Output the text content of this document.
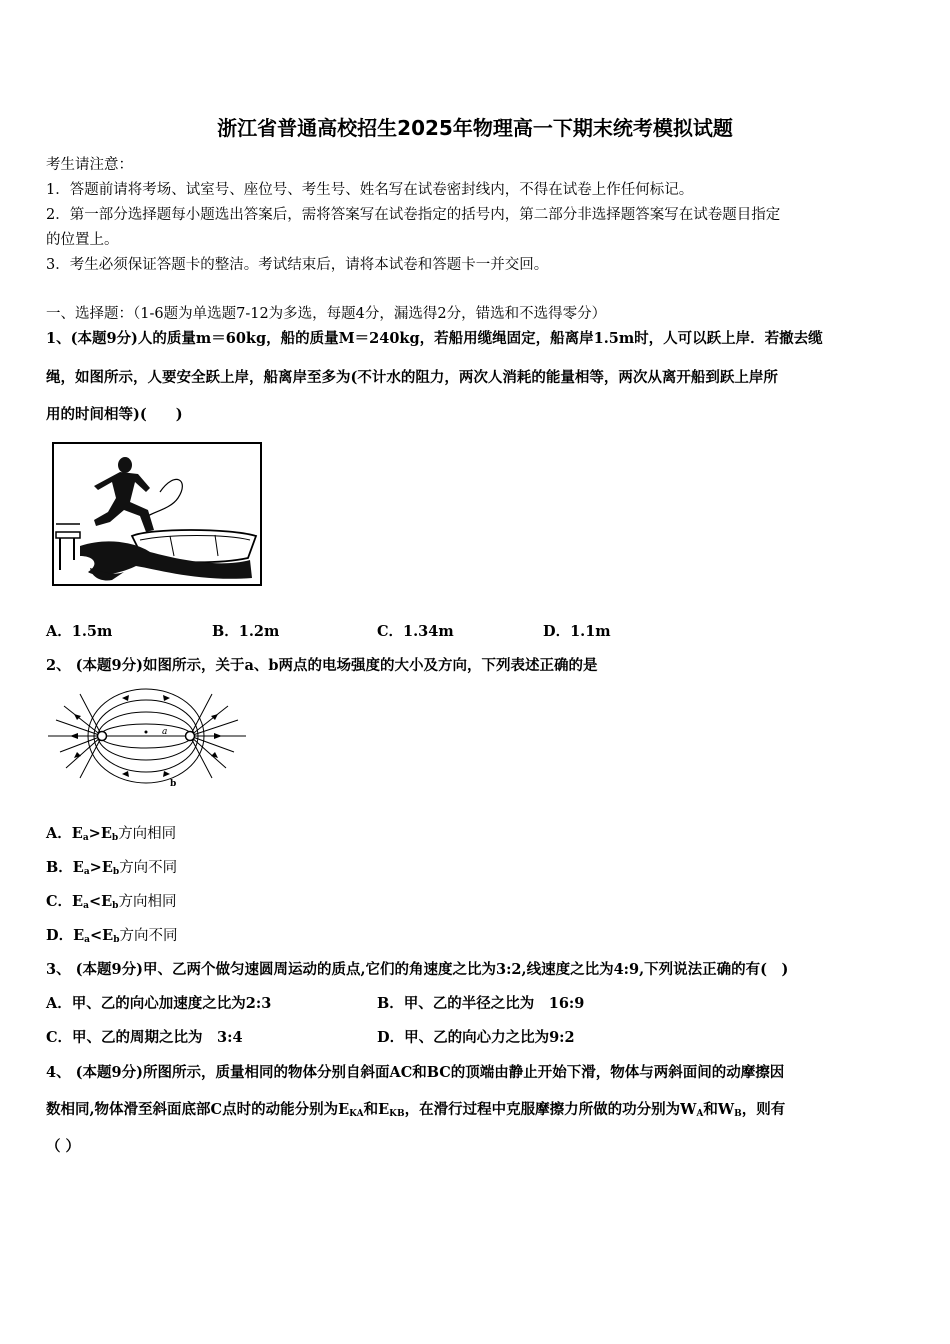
浙江省普通高校招生2025年物理高一下期末统考模拟试题
考生请注意：
1．答题前请将考场、试室号、座位号、考生号、姓名写在试卷密封线内，不得在试卷上作任何标记。
2．第一部分选择题每小题选出答案后，需将答案写在试卷指定的括号内，第二部分非选择题答案写在试卷题目指定
的位置上。
3．考生必须保证答题卡的整洁。考试结束后，请将本试卷和答题卡一并交回。
一、选择题：（1-6题为单选题7-12为多选，每题4分，漏选得2分，错选和不选得零分）
1、(本题9分)人的质量m＝60kg，船的质量M＝240kg，若船用缆绳固定，船离岸1.5m时，人可以跃上岸．若撤去缆
绳，如图所示，人要安全跃上岸，船离岸至多为(不计水的阻力，两次人消耗的能量相等，两次从离开船到跃上岸所
用的时间相等)(　　)
A．1.5m	B．1.2m	C．1.34m	D．1.1m
2、 (本题9分)如图所示，关于a、b两点的电场强度的大小及方向，下列表述正确的是
a
b
A．$E_a>E_b$方向相同
B．$E_a>E_b$方向不同
C．$E_a<E_b$方向相同
D．$E_a<E_b$方向不同
3、 (本题9分)甲、乙两个做匀速圆周运动的质点,它们的角速度之比为3:2,线速度之比为4:9,下列说法正确的有(　)
A．甲、乙的向心加速度之比为2:3	B．甲、乙的半径之比为　16:9
C．甲、乙的周期之比为　3:4	D．甲、乙的向心力之比为9:2
4、 (本题9分)所图所示，质量相同的物体分别自斜面AC和BC的顶端由静止开始下滑，物体与两斜面间的动摩擦因
数相同,物体滑至斜面底部C点时的动能分别为$E_{KA}$和$E_{KB}$，在滑行过程中克服摩擦力所做的功分别为$W_A$和$W_B$，则有
（ ）
